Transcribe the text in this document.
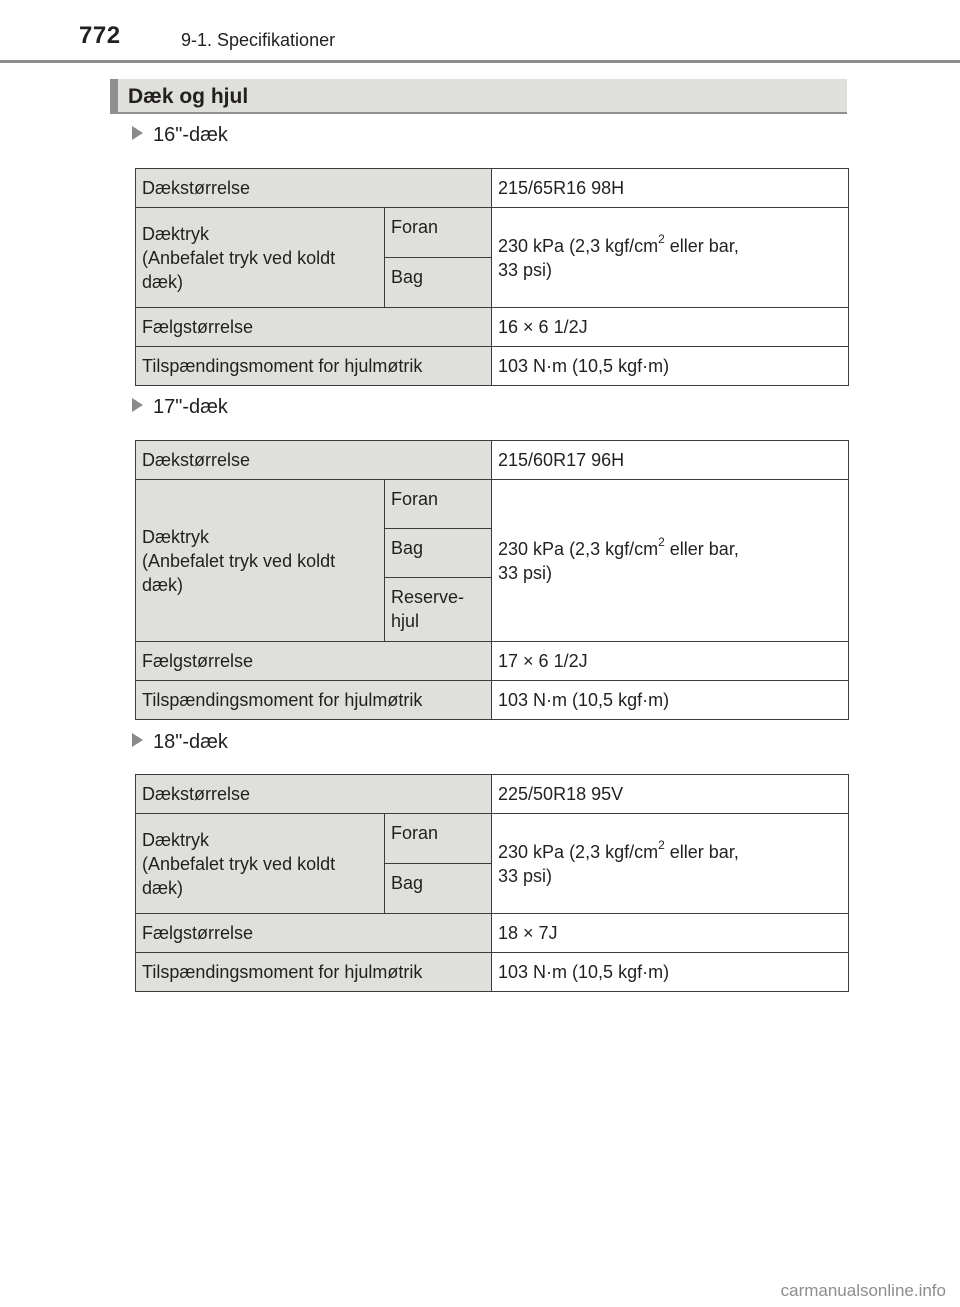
772	9-1. Specifikationer
Dæk og hjul
16"-dæk
Dækstørrelse		215/65R16 98H
Dæktryk
(Anbefalet tryk ved koldt dæk)	Foran	230 kPa (2,3 kgf/$cm^2$ eller bar,
33 psi)
	Bag	
Fælgstørrelse		16 × 6 1/2J
Tilspændingsmoment for hjulmøtrik		103 N·m (10,5 kgf·m)
17"-dæk
Dækstørrelse		215/60R17 96H
Dæktryk
(Anbefalet tryk ved koldt dæk)	Foran	230 kPa (2,3 kgf/$cm^2$ eller bar,
33 psi)
	Bag	
	Reserve-hjul	
Fælgstørrelse		17 × 6 1/2J
Tilspændingsmoment for hjulmøtrik		103 N·m (10,5 kgf·m)
18"-dæk
Dækstørrelse		225/50R18 95V
Dæktryk
(Anbefalet tryk ved koldt dæk)	Foran	230 kPa (2,3 kgf/$cm^2$ eller bar,
33 psi)
	Bag	
Fælgstørrelse		18 × 7J
Tilspændingsmoment for hjulmøtrik		103 N·m (10,5 kgf·m)
carmanualsonline.info
